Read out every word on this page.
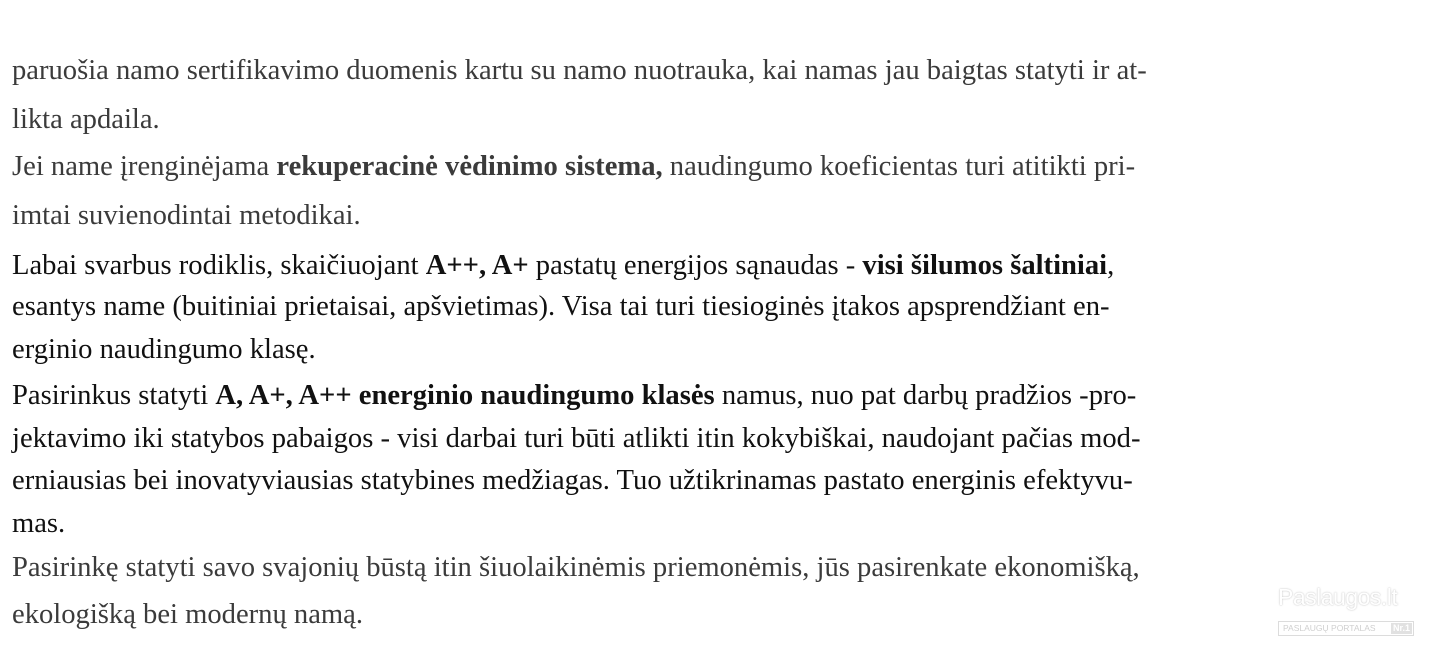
paruošia namo sertifikavimo duomenis kartu su namo nuotrauka, kai namas jau baigtas statyti ir at-
likta apdaila.
Jei name įrenginėjama rekuperacinė vėdinimo sistema, naudingumo koeficientas turi atitikti pri-
imtai suvienodintai metodikai.
Labai svarbus rodiklis, skaičiuojant A++, A+ pastatų energijos sąnaudas - visi šilumos šaltiniai,
esantys name (buitiniai prietaisai, apšvietimas). Visa tai turi tiesioginės įtakos apsprendžiant en-
erginio naudingumo klasę.
Pasirinkus statyti A, A+, A++ energinio naudingumo klasės namus, nuo pat darbų pradžios -pro-
jektavimo iki statybos pabaigos - visi darbai turi būti atlikti itin kokybiškai, naudojant pačias mod-
erniausias bei inovatyviausias statybines medžiagas. Tuo užtikrinamas pastato energinis efektyvu-
mas.
Pasirinkę statyti savo svajonių būstą itin šiuolaikinėmis priemonėmis, jūs pasirenkate ekonomišką,
ekologišką bei modernų namą.
Paslaugos.lt
PASLAUGŲ PORTALAS Nr.1
